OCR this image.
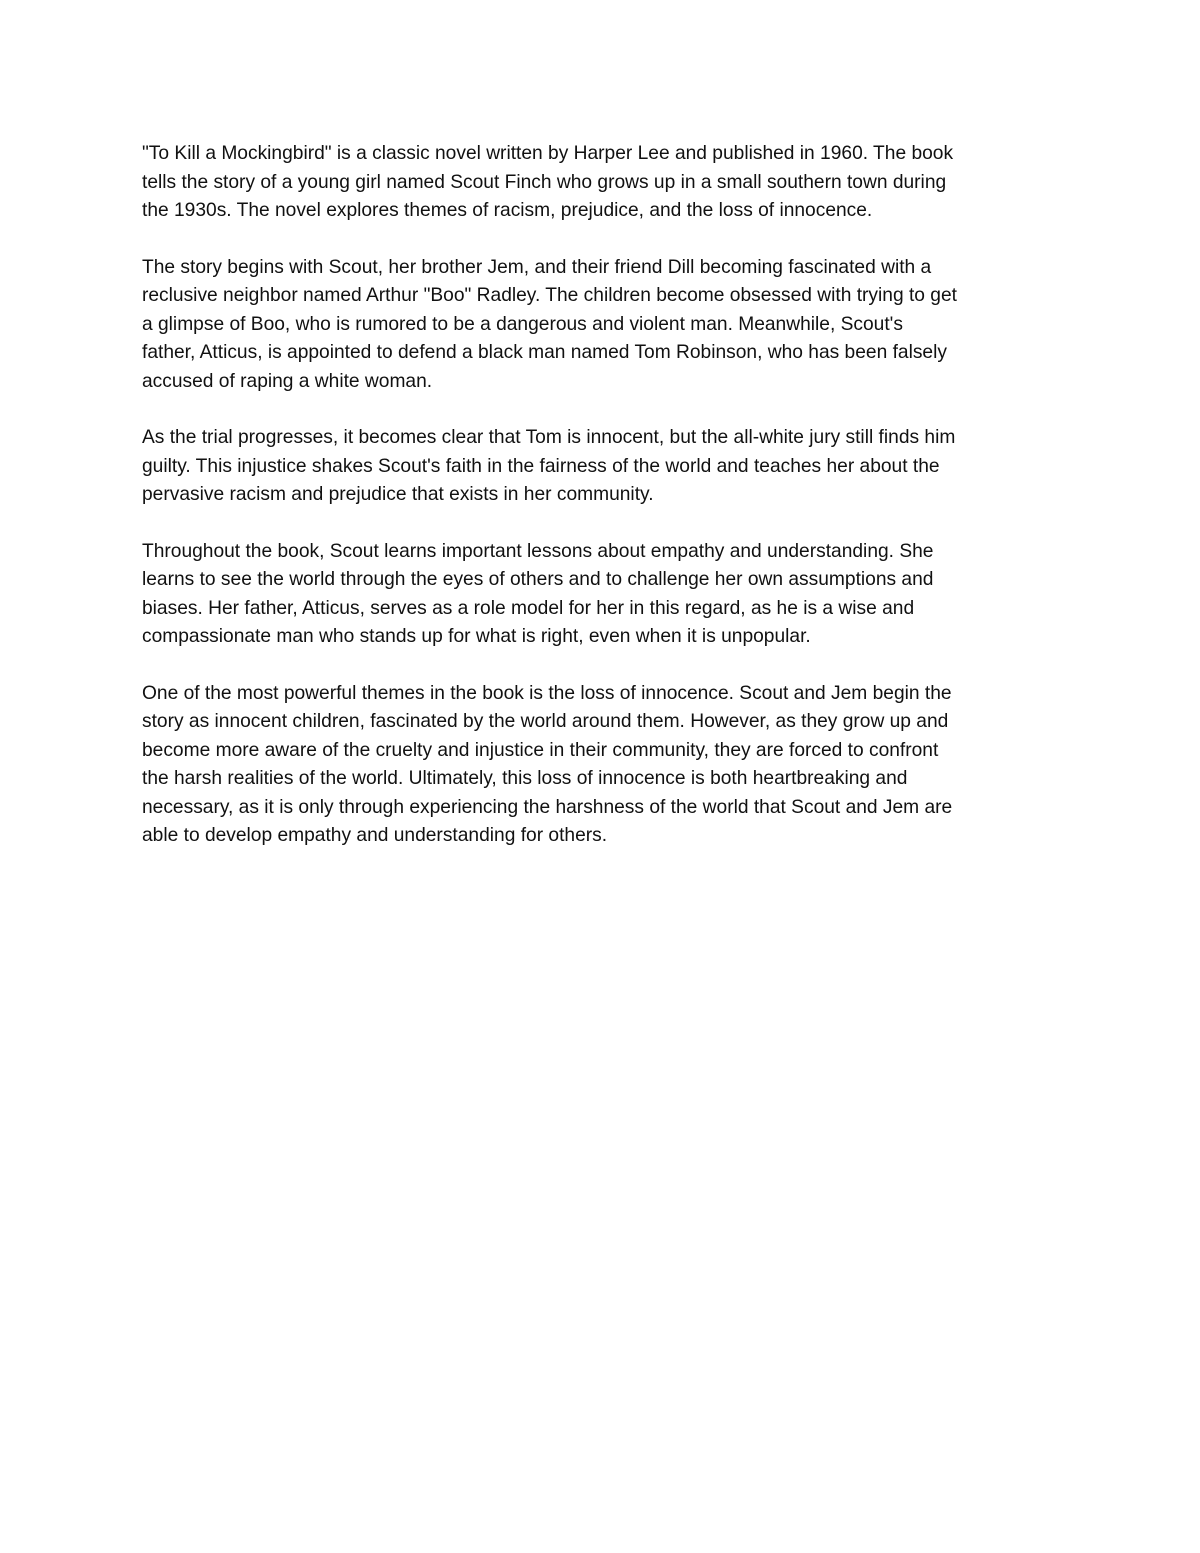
"To Kill a Mockingbird" is a classic novel written by Harper Lee and published in 1960. The book
tells the story of a young girl named Scout Finch who grows up in a small southern town during
the 1930s. The novel explores themes of racism, prejudice, and the loss of innocence.
The story begins with Scout, her brother Jem, and their friend Dill becoming fascinated with a
reclusive neighbor named Arthur "Boo" Radley. The children become obsessed with trying to get
a glimpse of Boo, who is rumored to be a dangerous and violent man. Meanwhile, Scout's
father, Atticus, is appointed to defend a black man named Tom Robinson, who has been falsely
accused of raping a white woman.
As the trial progresses, it becomes clear that Tom is innocent, but the all-white jury still finds him
guilty. This injustice shakes Scout's faith in the fairness of the world and teaches her about the
pervasive racism and prejudice that exists in her community.
Throughout the book, Scout learns important lessons about empathy and understanding. She
learns to see the world through the eyes of others and to challenge her own assumptions and
biases. Her father, Atticus, serves as a role model for her in this regard, as he is a wise and
compassionate man who stands up for what is right, even when it is unpopular.
One of the most powerful themes in the book is the loss of innocence. Scout and Jem begin the
story as innocent children, fascinated by the world around them. However, as they grow up and
become more aware of the cruelty and injustice in their community, they are forced to confront
the harsh realities of the world. Ultimately, this loss of innocence is both heartbreaking and
necessary, as it is only through experiencing the harshness of the world that Scout and Jem are
able to develop empathy and understanding for others.
